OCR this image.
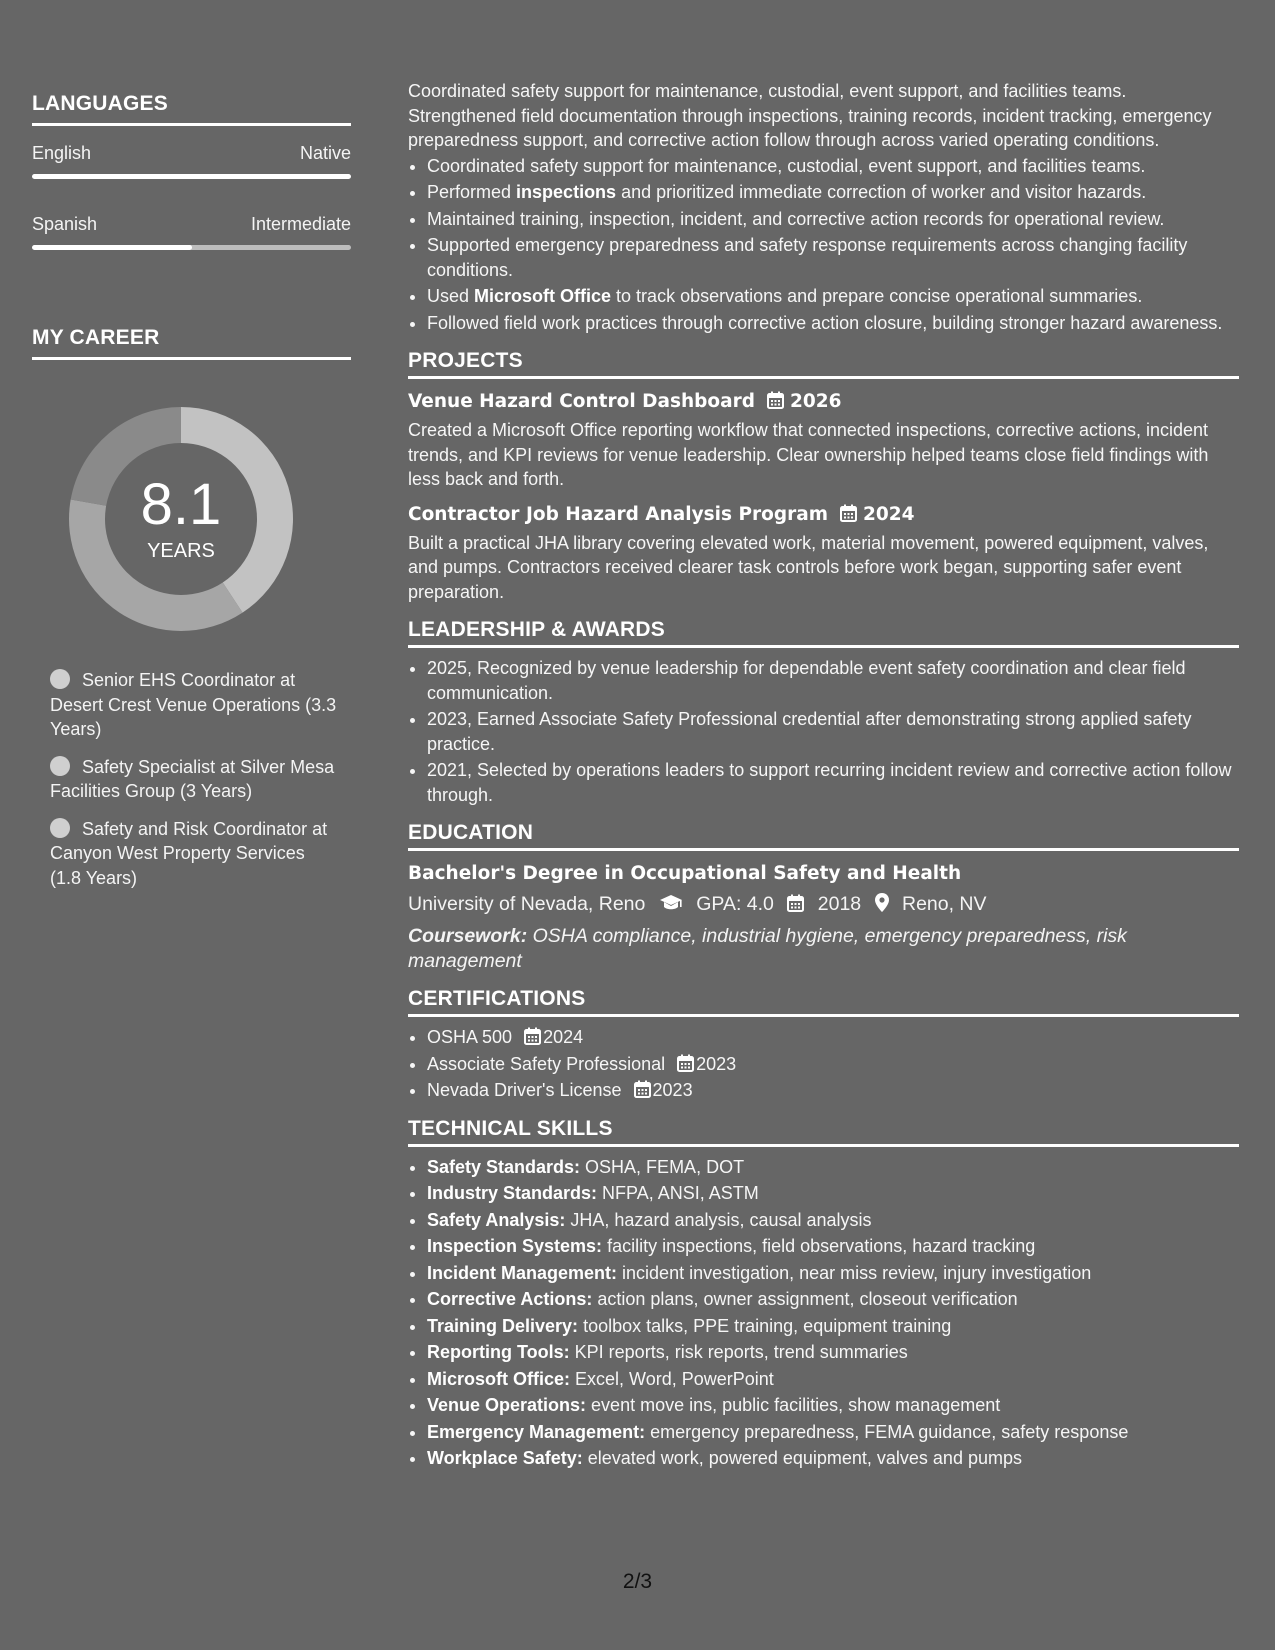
LANGUAGES
English	Native
Spanish	Intermediate
MY CAREER
8.1
YEARS
Senior EHS Coordinator at Desert Crest Venue Operations (3.3 Years)
Safety Specialist at Silver Mesa Facilities Group (3 Years)
Safety and Risk Coordinator at Canyon West Property Services (1.8 Years)

Coordinated safety support for maintenance, custodial, event support, and facilities teams. Strengthened field documentation through inspections, training records, incident tracking, emergency preparedness support, and corrective action follow through across varied operating conditions.

• Coordinated safety support for maintenance, custodial, event support, and facilities teams.
• Performed inspections and prioritized immediate correction of worker and visitor hazards.
• Maintained training, inspection, incident, and corrective action records for operational review.
• Supported emergency preparedness and safety response requirements across changing facility conditions.
• Used Microsoft Office to track observations and prepare concise operational summaries.
• Followed field work practices through corrective action closure, building stronger hazard awareness.
PROJECTS
Venue Hazard Control Dashboard 2026

Created a Microsoft Office reporting workflow that connected inspections, corrective actions, incident trends, and KPI reviews for venue leadership. Clear ownership helped teams close field findings with less back and forth.

Contractor Job Hazard Analysis Program 2024

Built a practical JHA library covering elevated work, material movement, powered equipment, valves, and pumps. Contractors received clearer task controls before work began, supporting safer event preparation.

LEADERSHIP & AWARDS
• 2025, Recognized by venue leadership for dependable event safety coordination and clear field communication.
• 2023, Earned Associate Safety Professional credential after demonstrating strong applied safety practice.
• 2021, Selected by operations leaders to support recurring incident review and corrective action follow through.
EDUCATION
Bachelor's Degree in Occupational Safety and Health
University of Nevada, Reno	GPA: 4.0 2018 Reno, NV

Coursework: OSHA compliance, industrial hygiene, emergency preparedness, risk management

CERTIFICATIONS
• OSHA 500 2024
• Associate Safety Professional 2023
• Nevada Driver's License 2023
TECHNICAL SKILLS
• Safety Standards: OSHA, FEMA, DOT
• Industry Standards: NFPA, ANSI, ASTM
• Safety Analysis: JHA, hazard analysis, causal analysis
• Inspection Systems: facility inspections, field observations, hazard tracking
• Incident Management: incident investigation, near miss review, injury investigation
• Corrective Actions: action plans, owner assignment, closeout verification
• Training Delivery: toolbox talks, PPE training, equipment training
• Reporting Tools: KPI reports, risk reports, trend summaries
• Microsoft Office: Excel, Word, PowerPoint
• Venue Operations: event move ins, public facilities, show management
• Emergency Management: emergency preparedness, FEMA guidance, safety response
• Workplace Safety: elevated work, powered equipment, valves and pumps
2/3
